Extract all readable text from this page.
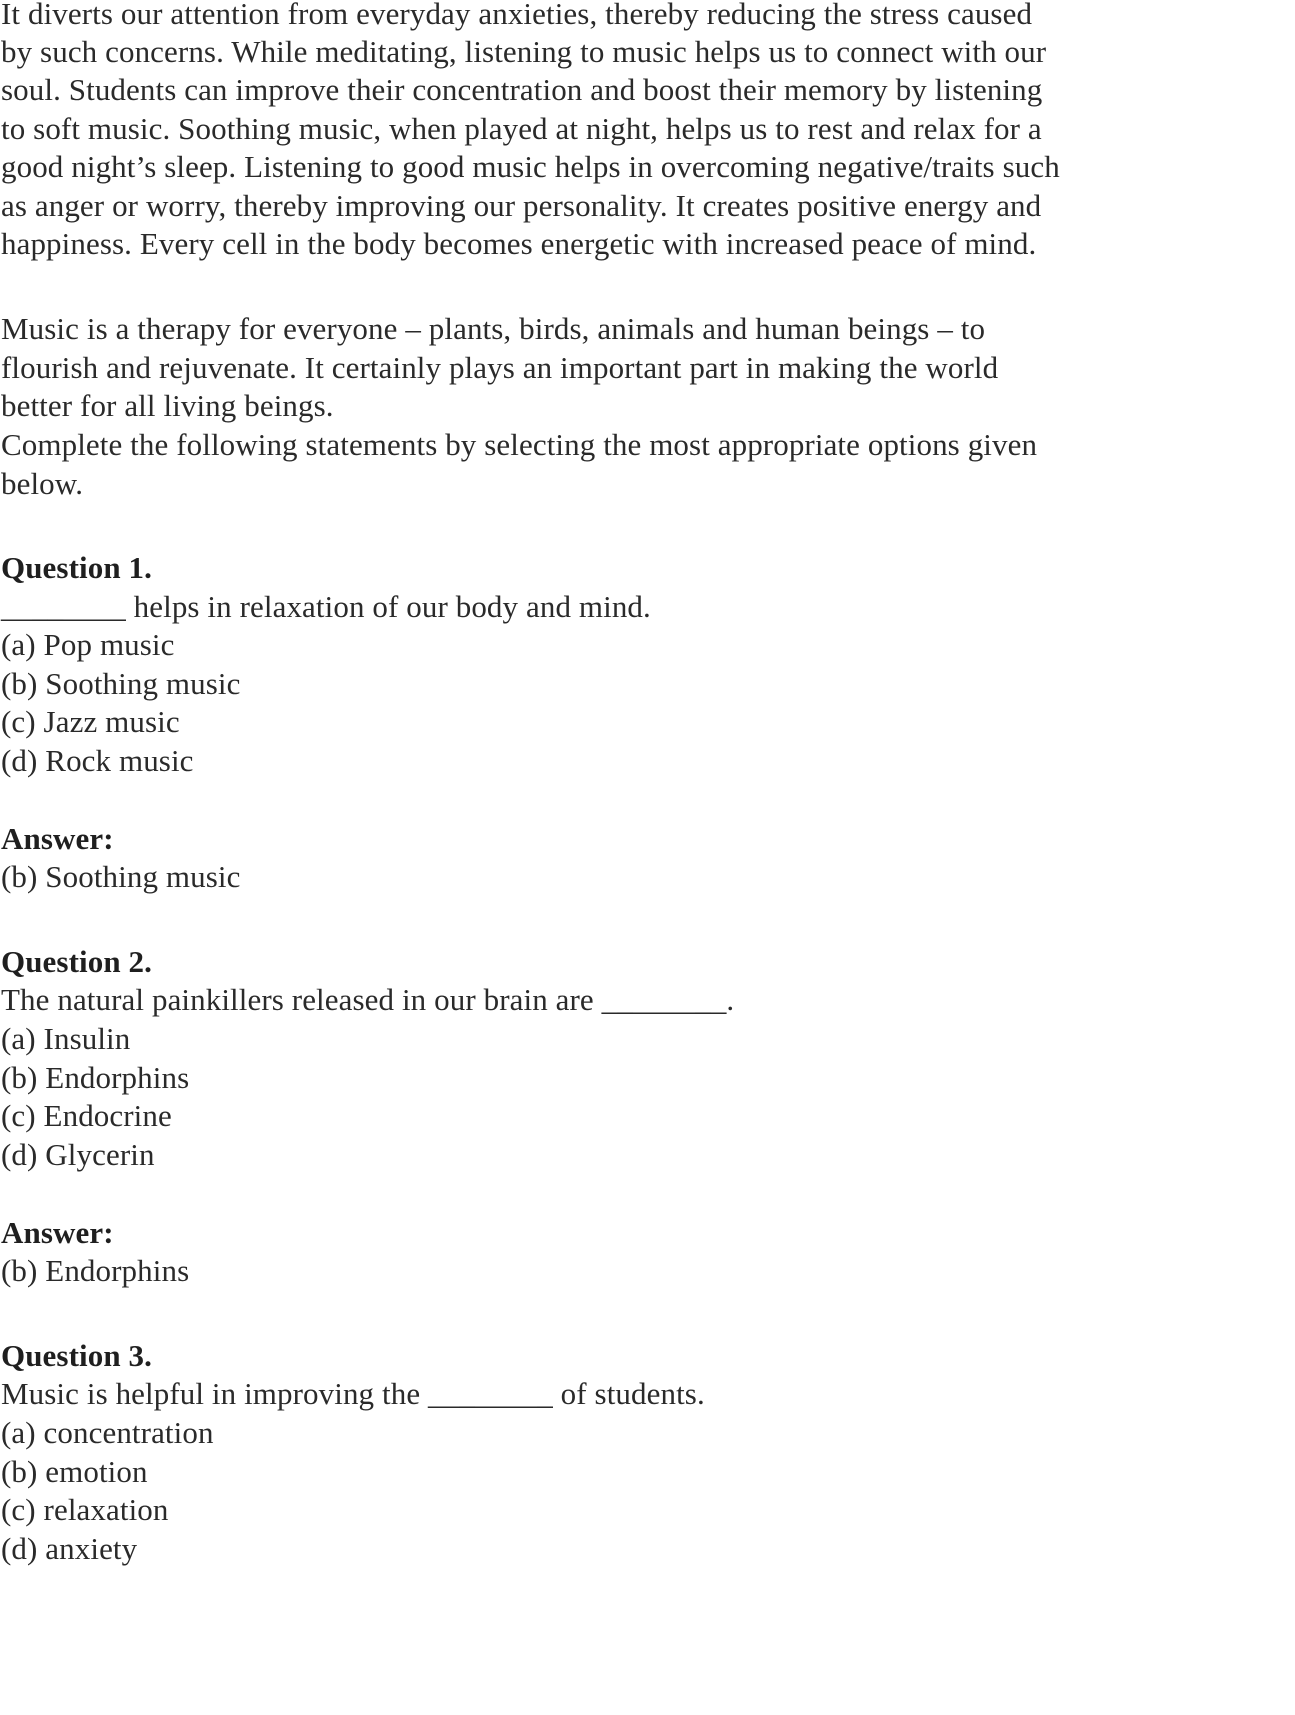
It diverts our attention from everyday anxieties, thereby reducing the stress caused
by such concerns. While meditating, listening to music helps us to connect with our
soul. Students can improve their concentration and boost their memory by listening
to soft music. Soothing music, when played at night, helps us to rest and relax for a
good night’s sleep. Listening to good music helps in overcoming negative/traits such
as anger or worry, thereby improving our personality. It creates positive energy and
happiness. Every cell in the body becomes energetic with increased peace of mind.
Music is a therapy for everyone – plants, birds, animals and human beings – to
flourish and rejuvenate. It certainly plays an important part in making the world
better for all living beings.
Complete the following statements by selecting the most appropriate options given
below.
Question 1.
________ helps in relaxation of our body and mind.
(a) Pop music
(b) Soothing music
(c) Jazz music
(d) Rock music
Answer:
(b) Soothing music
Question 2.
The natural painkillers released in our brain are ________.
(a) Insulin
(b) Endorphins
(c) Endocrine
(d) Glycerin
Answer:
(b) Endorphins
Question 3.
Music is helpful in improving the ________ of students.
(a) concentration
(b) emotion
(c) relaxation
(d) anxiety
